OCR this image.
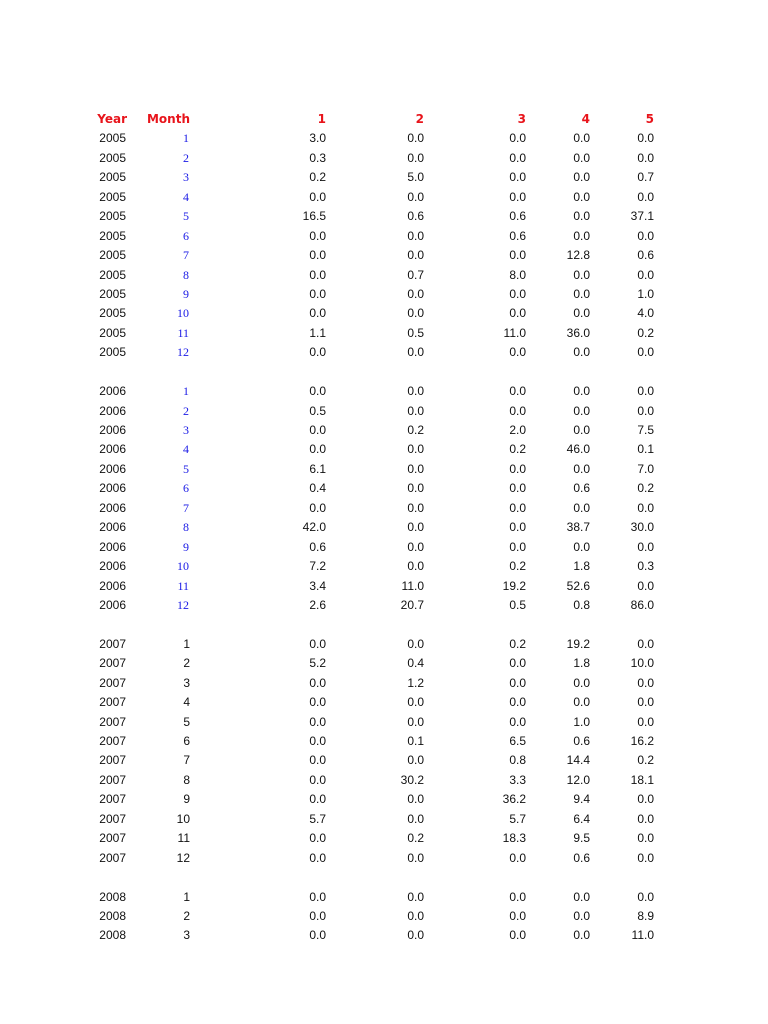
Year Month	1	2	3	4	5
2005	1	3.0	0.0	0.0	0.0	0.0
2005	2	0.3	0.0	0.0	0.0	0.0
2005	3	0.2	5.0	0.0	0.0	0.7
2005	4	0.0	0.0	0.0	0.0	0.0
2005	5	16.5	0.6	0.6	0.0	37.1
2005	6	0.0	0.0	0.6	0.0	0.0
2005	7	0.0	0.0	0.0	12.8	0.6
2005	8	0.0	0.7	8.0	0.0	0.0
2005	9	0.0	0.0	0.0	0.0	1.0
2005	10	0.0	0.0	0.0	0.0	4.0
2005	11	1.1	0.5	11.0	36.0	0.2
2005	12	0.0	0.0	0.0	0.0	0.0
2006	1	0.0	0.0	0.0	0.0	0.0
2006	2	0.5	0.0	0.0	0.0	0.0
2006	3	0.0	0.2	2.0	0.0	7.5
2006	4	0.0	0.0	0.2	46.0	0.1
2006	5	6.1	0.0	0.0	0.0	7.0
2006	6	0.4	0.0	0.0	0.6	0.2
2006	7	0.0	0.0	0.0	0.0	0.0
2006	8	42.0	0.0	0.0	38.7	30.0
2006	9	0.6	0.0	0.0	0.0	0.0
2006	10	7.2	0.0	0.2	1.8	0.3
2006	11	3.4	11.0	19.2	52.6	0.0
2006	12	2.6	20.7	0.5	0.8	86.0
2007	1	0.0	0.0	0.2	19.2	0.0
2007	2	5.2	0.4	0.0	1.8	10.0
2007	3	0.0	1.2	0.0	0.0	0.0
2007	4	0.0	0.0	0.0	0.0	0.0
2007	5	0.0	0.0	0.0	1.0	0.0
2007	6	0.0	0.1	6.5	0.6	16.2
2007	7	0.0	0.0	0.8	14.4	0.2
2007	8	0.0	30.2	3.3	12.0	18.1
2007	9	0.0	0.0	36.2	9.4	0.0
2007	10	5.7	0.0	5.7	6.4	0.0
2007	11	0.0	0.2	18.3	9.5	0.0
2007	12	0.0	0.0	0.0	0.6	0.0
2008	1	0.0	0.0	0.0	0.0	0.0
2008	2	0.0	0.0	0.0	0.0	8.9
2008	3	0.0	0.0	0.0	0.0	11.0
